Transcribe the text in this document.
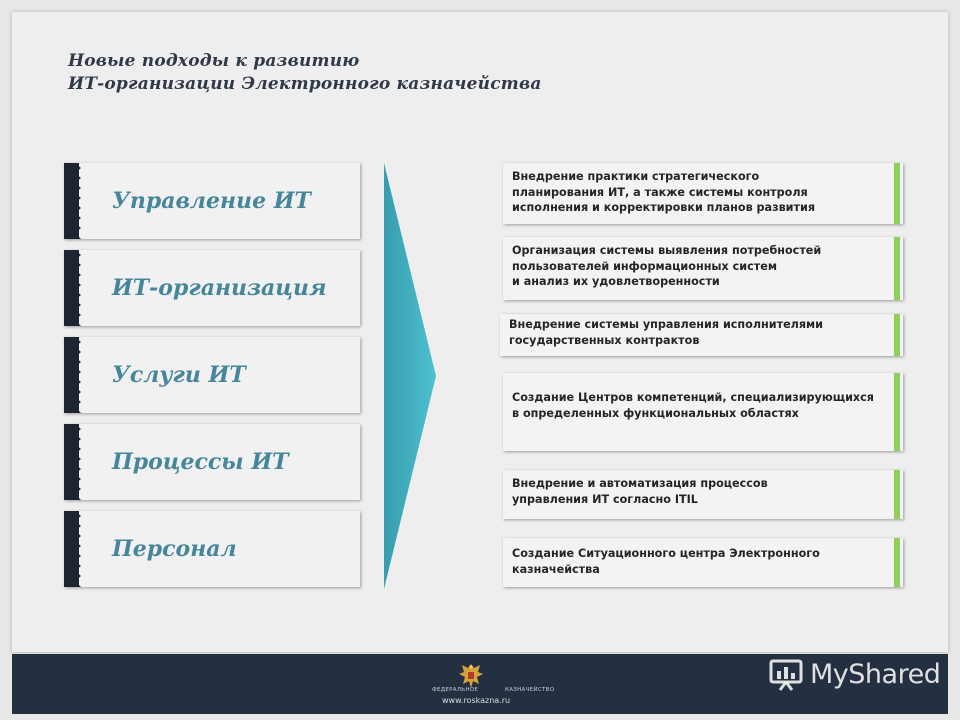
Новые подходы к развитию
ИТ-организации Электронного казначейства
Управление ИТ
ИТ-организация
Услуги ИТ
Процессы ИТ
Персонал
Внедрение практики стратегического
планирования ИТ, а также системы контроля
исполнения и корректировки планов развития
Организация системы выявления потребностей
пользователей информационных систем
и анализ их удовлетворенности
Внедрение системы управления исполнителями
государственных контрактов
Создание Центров компетенций, специализирующихся
в определенных функциональных областях
Внедрение и автоматизация процессов
управления ИТ согласно ITIL
Создание Ситуационного центра Электронного
казначейства
ФЕДЕРАЛЬНОЕ	КАЗНАЧЕЙСТВО
www.roskazna.ru
MyShared
